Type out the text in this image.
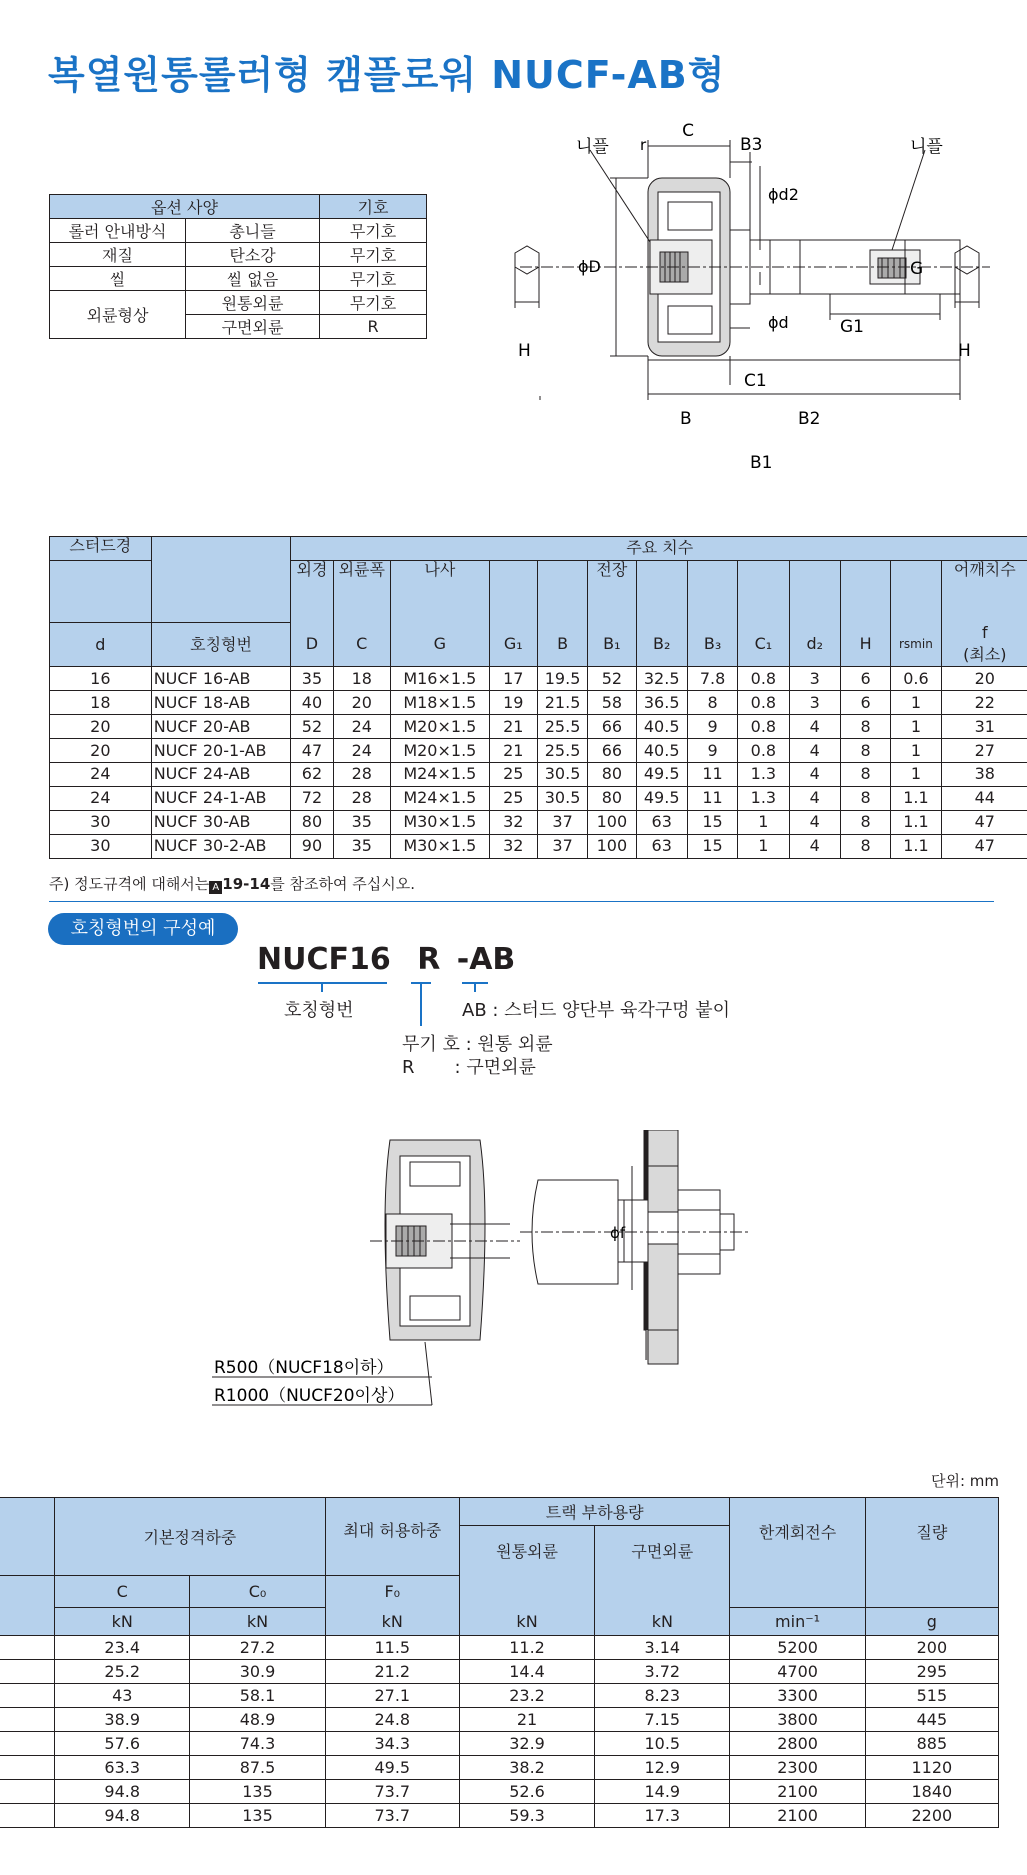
복열원통롤러형 캠플로워 NUCF-AB형
옵션 사양		기호
롤러 안내방식	총니들	무기호
재질	탄소강	무기호
씰	씰 없음	무기호
외륜형상	원통외륜	무기호
	구면외륜	R
C
r	B3
ϕd2
ϕD
ϕd
G
G1
H	H
C1
B	B2
B1
니플	니플
스터드경		주요 치수												
		외경	외륜폭	나사			전장							어깨치수
d	호칭형번	D	C	G	G₁	B	B₁	B₂	B₃	C₁	d₂	H	rsmin	f
(최소)

16	NUCF 16-AB	35	18	M16×1.5	17	19.5	52	32.5	7.8	0.8	3	6	0.6	20
18	NUCF 18-AB	40	20	M18×1.5	19	21.5	58	36.5	8	0.8	3	6	1	22
20	NUCF 20-AB	52	24	M20×1.5	21	25.5	66	40.5	9	0.8	4	8	1	31
20	NUCF 20-1-AB	47	24	M20×1.5	21	25.5	66	40.5	9	0.8	4	8	1	27
24	NUCF 24-AB	62	28	M24×1.5	25	30.5	80	49.5	11	1.3	4	8	1	38
24	NUCF 24-1-AB	72	28	M24×1.5	25	30.5	80	49.5	11	1.3	4	8	1.1	44
30	NUCF 30-AB	80	35	M30×1.5	32	37	100	63	15	1	4	8	1.1	47
30	NUCF 30-2-AB	90	35	M30×1.5	32	37	100	63	15	1	4	8	1.1	47
주) 정도규격에 대해서는 A 19-14를 참조하여 주십시오.
호칭형번의 구성예
NUCF16 R -AB
호칭형번	AB : 스터드 양단부 육각구멍 붙이
무기 호 : 원통 외륜
R       : 구면외륜
ϕf
R500（NUCF18이하）
R1000（NUCF20이상）
단위: mm
	기본정격하중		최대 허용하중	트랙 부하용량		한계회전수	질량
				원통외륜	구면외륜		
	C	C₀	F₀				
	kN	kN	kN	kN	kN	min⁻¹	g
	23.4	27.2	11.5	11.2	3.14	5200	200
	25.2	30.9	21.2	14.4	3.72	4700	295
	43	58.1	27.1	23.2	8.23	3300	515
	38.9	48.9	24.8	21	7.15	3800	445
	57.6	74.3	34.3	32.9	10.5	2800	885
	63.3	87.5	49.5	38.2	12.9	2300	1120
	94.8	135	73.7	52.6	14.9	2100	1840
	94.8	135	73.7	59.3	17.3	2100	2200
